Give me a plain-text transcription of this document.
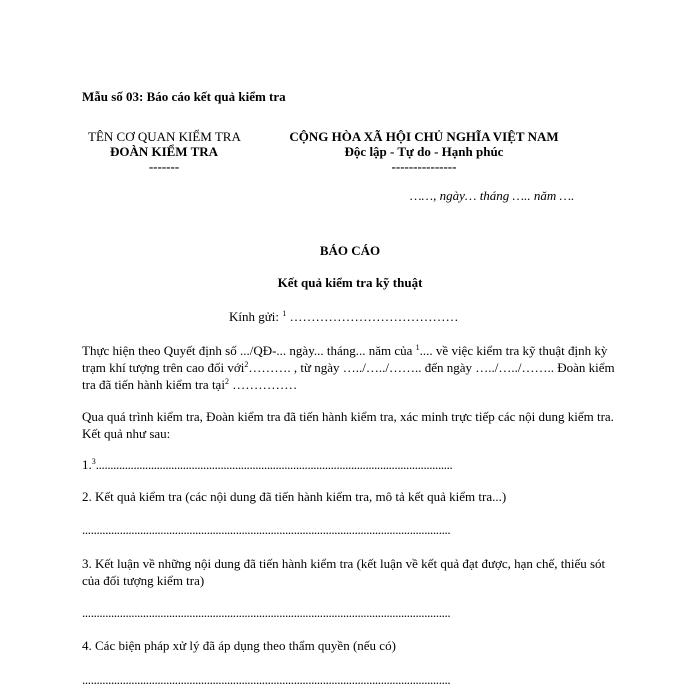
Mẫu số 03: Báo cáo kết quả kiểm tra
TÊN CƠ QUAN KIỂM TRA
ĐOÀN KIỂM TRA
-------
CỘNG HÒA XÃ HỘI CHỦ NGHĨA VIỆT NAM
Độc lập - Tự do - Hạnh phúc
---------------
……, ngày… tháng ….. năm ….
BÁO CÁO
Kết quả kiểm tra kỹ thuật
Kính gửi: $^1$ …………………………………
Thực hiện theo Quyết định số .../QĐ-... ngày... tháng... năm của $^1$.... về việc kiểm tra kỹ thuật định kỳ trạm khí tượng trên cao đối với$^2$………. , từ ngày …../…../…….. đến ngày …../…../…….. Đoàn kiểm tra đã tiến hành kiểm tra tại$^2$ ……………
Qua quá trình kiểm tra, Đoàn kiểm tra đã tiến hành kiểm tra, xác minh trực tiếp các nội dung kiểm tra. Kết quả như sau:
1.$^3$...........................................................................................................................
2. Kết quả kiểm tra (các nội dung đã tiến hành kiểm tra, mô tả kết quả kiểm tra...)
...............................................................................................................................
3. Kết luận về những nội dung đã tiến hành kiểm tra (kết luận về kết quả đạt được, hạn chế, thiếu sót của đối tượng kiểm tra)
...............................................................................................................................
4. Các biện pháp xử lý đã áp dụng theo thẩm quyền (nếu có)
...............................................................................................................................
